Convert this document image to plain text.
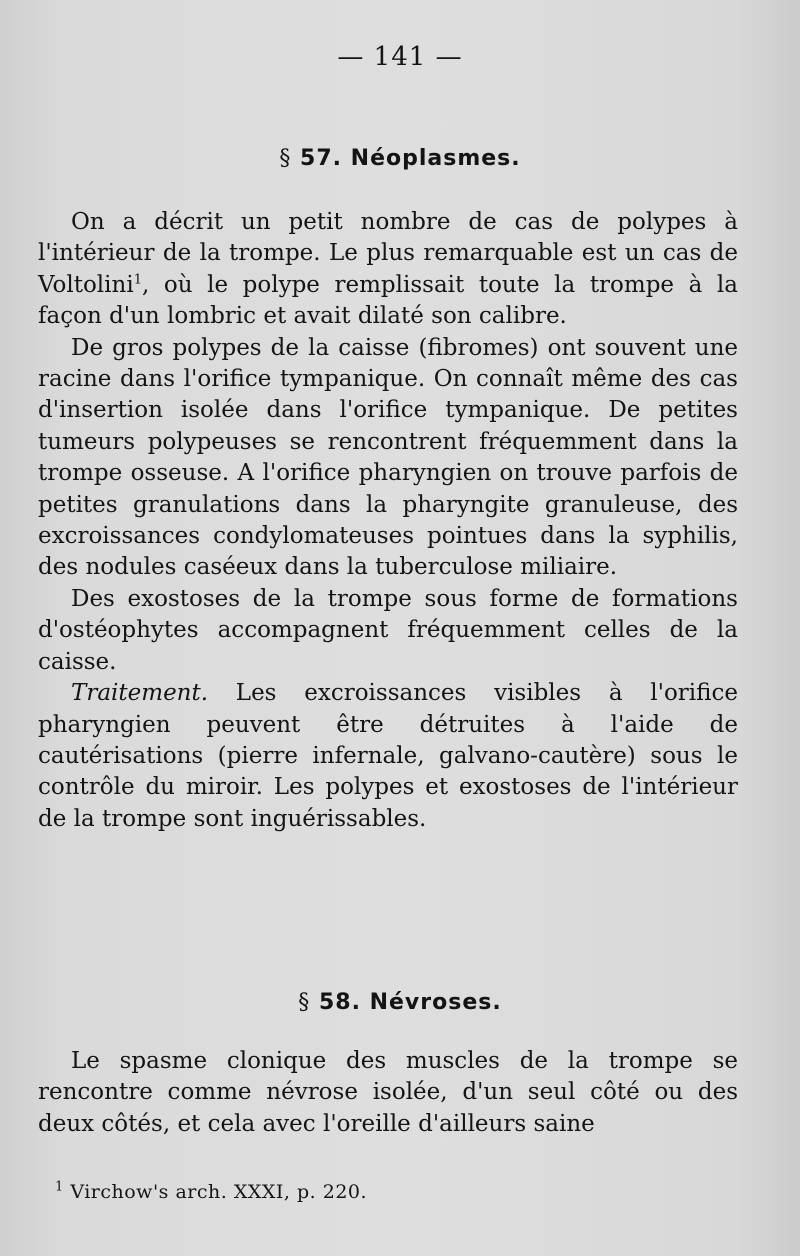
— 141 —
§ 57. Néoplasmes.

On a décrit un petit nombre de cas de polypes à l'intérieur de la trompe. Le plus remarquable est un cas de Voltolini$^1$, où le polype remplissait toute la trompe à la façon d'un lombric et avait dilaté son calibre.

De gros polypes de la caisse (fibromes) ont souvent une racine dans l'orifice tympanique. On connaît même des cas d'insertion isolée dans l'orifice tympanique. De petites tumeurs polypeuses se rencontrent fréquemment dans la trompe osseuse. A l'orifice pharyngien on trouve parfois de petites granulations dans la pharyngite granuleuse, des excroissances condylomateuses pointues dans la syphilis, des nodules caséeux dans la tuberculose miliaire.

Des exostoses de la trompe sous forme de formations d'ostéophytes accompagnent fréquemment celles de la caisse.

Traitement. Les excroissances visibles à l'orifice pharyngien peuvent être détruites à l'aide de cautérisations (pierre infernale, galvano-cautère) sous le contrôle du miroir. Les polypes et exostoses de l'intérieur de la trompe sont inguérissables.

§ 58. Névroses.

Le spasme clonique des muscles de la trompe se rencontre comme névrose isolée, d'un seul côté ou des deux côtés, et cela avec l'oreille d'ailleurs saine

$^1$ Virchow's arch. XXXI, p. 220.
